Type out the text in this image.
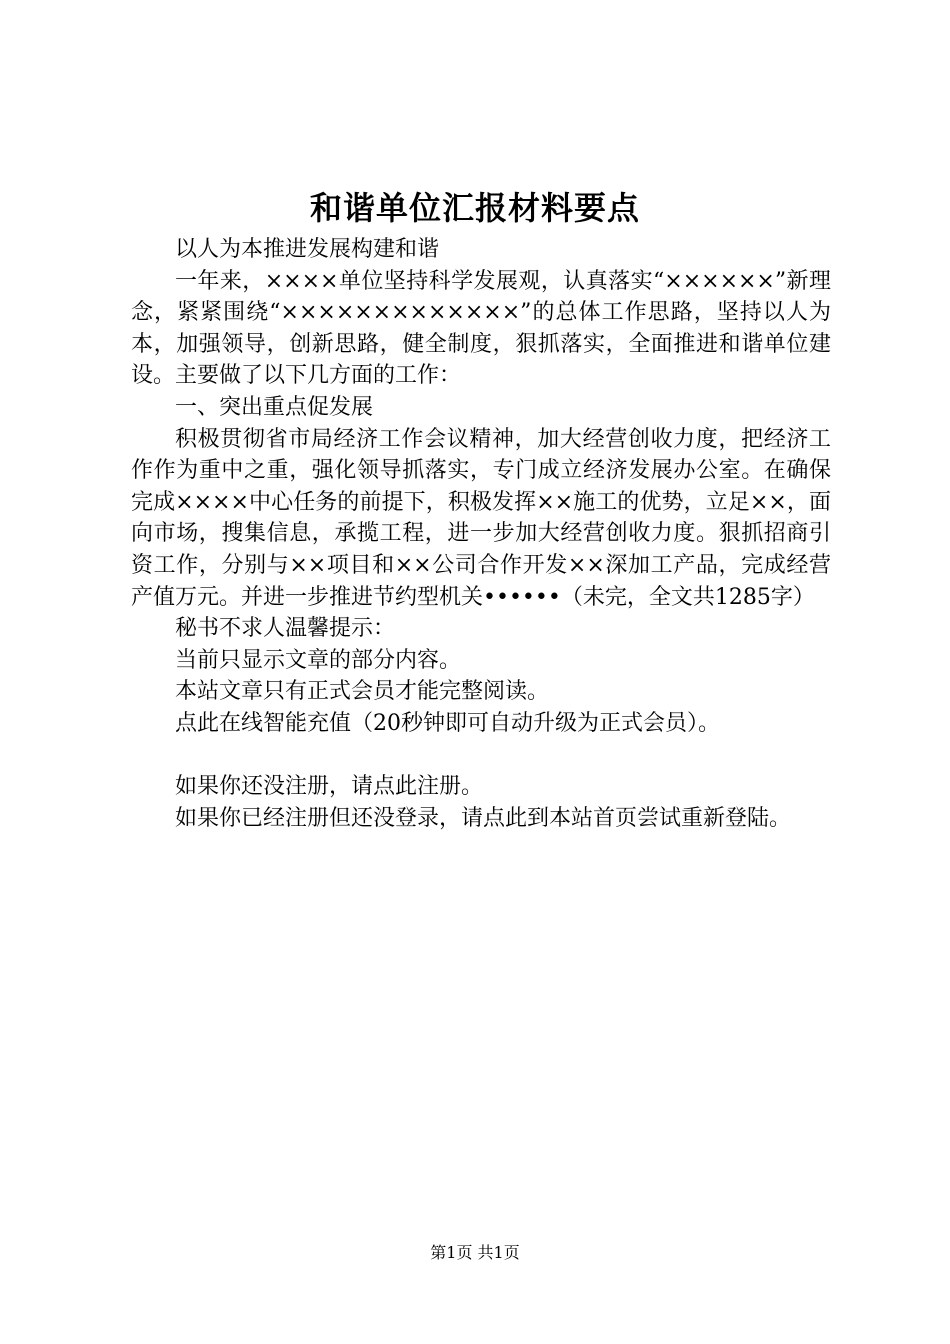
和谐单位汇报材料要点

以人为本推进发展构建和谐

一年来，××××单位坚持科学发展观，认真落实“××××××”新理念，紧紧围绕“×××××××××××××”的总体工作思路，坚持以人为本，加强领导，创新思路，健全制度，狠抓落实，全面推进和谐单位建设。主要做了以下几方面的工作：

一、突出重点促发展

积极贯彻省市局经济工作会议精神，加大经营创收力度，把经济工作作为重中之重，强化领导抓落实，专门成立经济发展办公室。在确保完成××××中心任务的前提下，积极发挥××施工的优势，立足××，面向市场，搜集信息，承揽工程，进一步加大经营创收力度。狠抓招商引资工作，分别与××项目和××公司合作开发××深加工产品，完成经营产值万元。并进一步推进节约型机关••••••（未完，全文共1285字）

秘书不求人温馨提示：

当前只显示文章的部分内容。

本站文章只有正式会员才能完整阅读。

点此在线智能充值（20秒钟即可自动升级为正式会员）。

如果你还没注册，请点此注册。

如果你已经注册但还没登录，请点此到本站首页尝试重新登陆。

第1页 共1页
